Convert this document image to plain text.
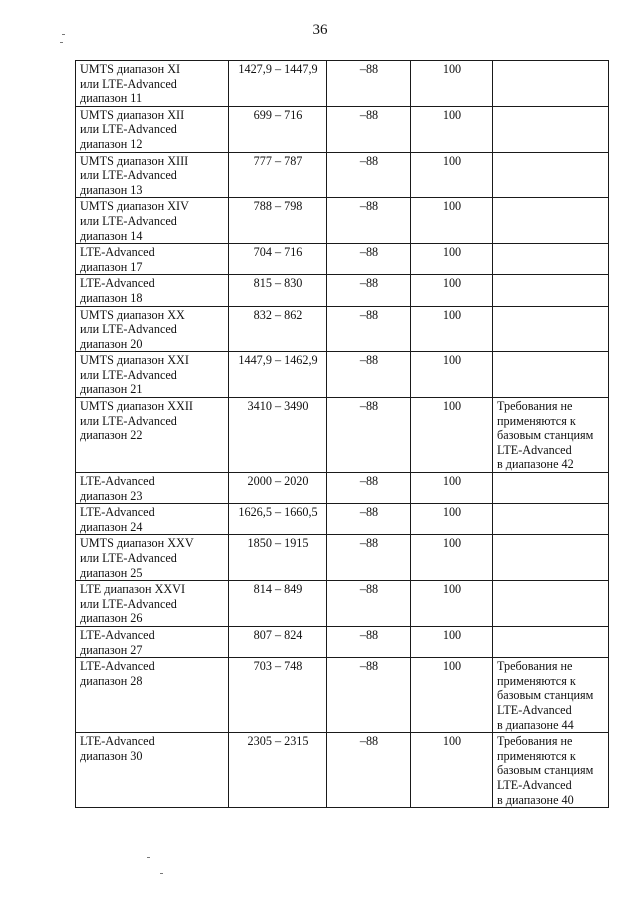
36
UMTS диапазон XI
или LTE-Advanced
диапазон 11	1427,9 – 1447,9	–88	100	
UMTS диапазон XII
или LTE-Advanced
диапазон 12	699 – 716	–88	100	
UMTS диапазон XIII
или LTE-Advanced
диапазон 13	777 – 787	–88	100	
UMTS диапазон XIV
или LTE-Advanced
диапазон 14	788 – 798	–88	100	
LTE-Advanced
диапазон 17	704 – 716	–88	100	
LTE-Advanced
диапазон 18	815 – 830	–88	100	
UMTS диапазон XX
или LTE-Advanced
диапазон 20	832 – 862	–88	100	
UMTS диапазон XXI
или LTE-Advanced
диапазон 21	1447,9 – 1462,9	–88	100	
UMTS диапазон XXII
или LTE-Advanced
диапазон 22	3410 – 3490	–88	100	Требования не
применяются к
базовым станциям
LTE-Advanced
в диапазоне 42
LTE-Advanced
диапазон 23	2000 – 2020	–88	100	
LTE-Advanced
диапазон 24	1626,5 – 1660,5	–88	100	
UMTS диапазон XXV
или LTE-Advanced
диапазон 25	1850 – 1915	–88	100	
LTE диапазон XXVI
или LTE-Advanced
диапазон 26	814 – 849	–88	100	
LTE-Advanced
диапазон 27	807 – 824	–88	100	
LTE-Advanced
диапазон 28	703 – 748	–88	100	Требования не
применяются к
базовым станциям
LTE-Advanced
в диапазоне 44
LTE-Advanced
диапазон 30	2305 – 2315	–88	100	Требования не
применяются к
базовым станциям
LTE-Advanced
в диапазоне 40
